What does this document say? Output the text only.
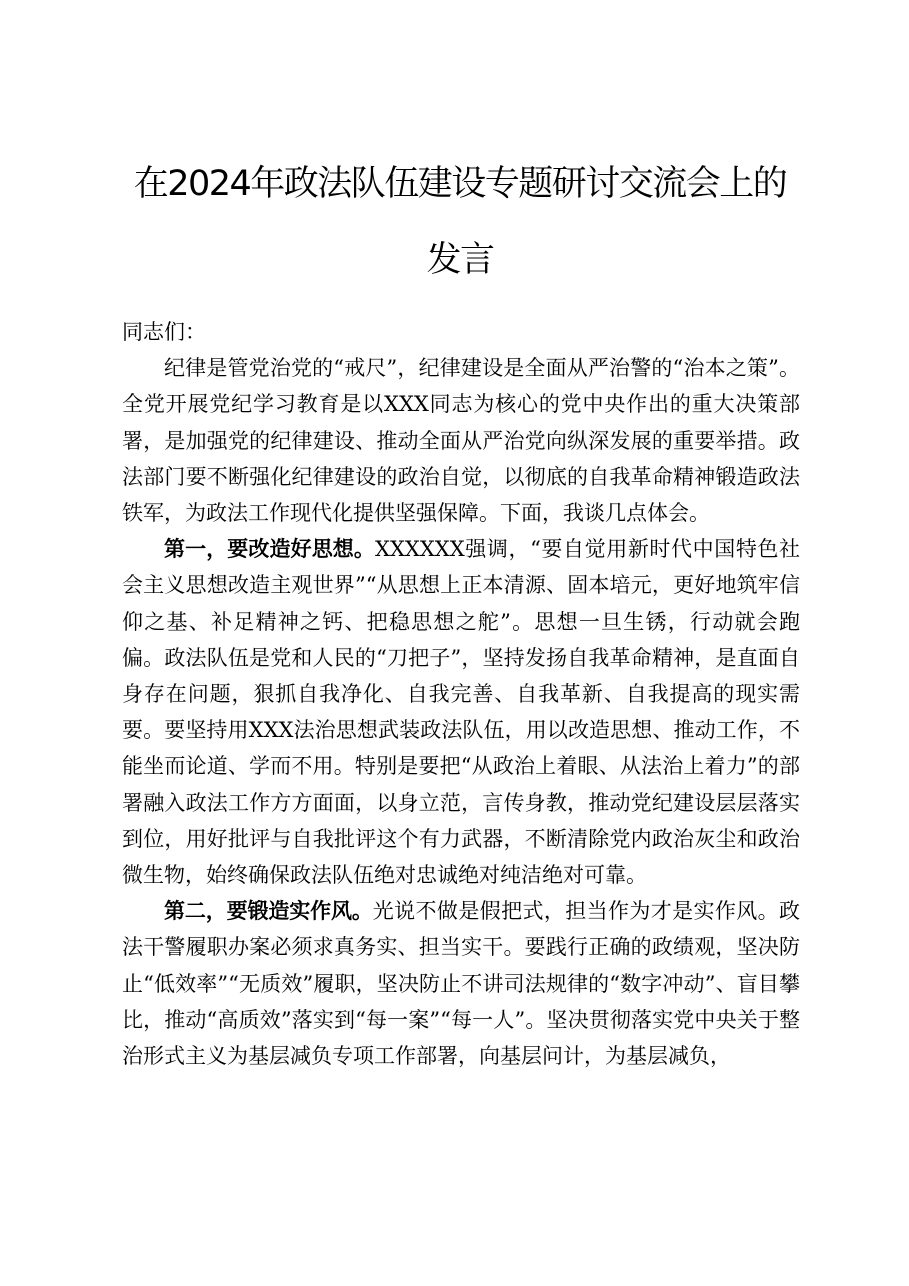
在2024年政法队伍建设专题研讨交流会上的
发言

同志们：

纪律是管党治党的“戒尺”，纪律建设是全面从严治警的“治本之策”。全党开展党纪学习教育是以XXX同志为核心的党中央作出的重大决策部署，是加强党的纪律建设、推动全面从严治党向纵深发展的重要举措。政法部门要不断强化纪律建设的政治自觉，以彻底的自我革命精神锻造政法铁军，为政法工作现代化提供坚强保障。下面，我谈几点体会。

第一，要改造好思想。XXXXXX强调，“要自觉用新时代中国特色社会主义思想改造主观世界”“从思想上正本清源、固本培元，更好地筑牢信仰之基、补足精神之钙、把稳思想之舵”。思想一旦生锈，行动就会跑偏。政法队伍是党和人民的“刀把子”，坚持发扬自我革命精神，是直面自身存在问题，狠抓自我净化、自我完善、自我革新、自我提高的现实需要。要坚持用XXX法治思想武装政法队伍，用以改造思想、推动工作，不能坐而论道、学而不用。特别是要把“从政治上着眼、从法治上着力”的部署融入政法工作方方面面，以身立范，言传身教，推动党纪建设层层落实到位，用好批评与自我批评这个有力武器，不断清除党内政治灰尘和政治微生物，始终确保政法队伍绝对忠诚绝对纯洁绝对可靠。

第二，要锻造实作风。光说不做是假把式，担当作为才是实作风。政法干警履职办案必须求真务实、担当实干。要践行正确的政绩观，坚决防止“低效率”“无质效”履职，坚决防止不讲司法规律的“数字冲动”、盲目攀比，推动“高质效”落实到“每一案”“每一人”。坚决贯彻落实党中央关于整治形式主义为基层减负专项工作部署，向基层问计，为基层减负，
